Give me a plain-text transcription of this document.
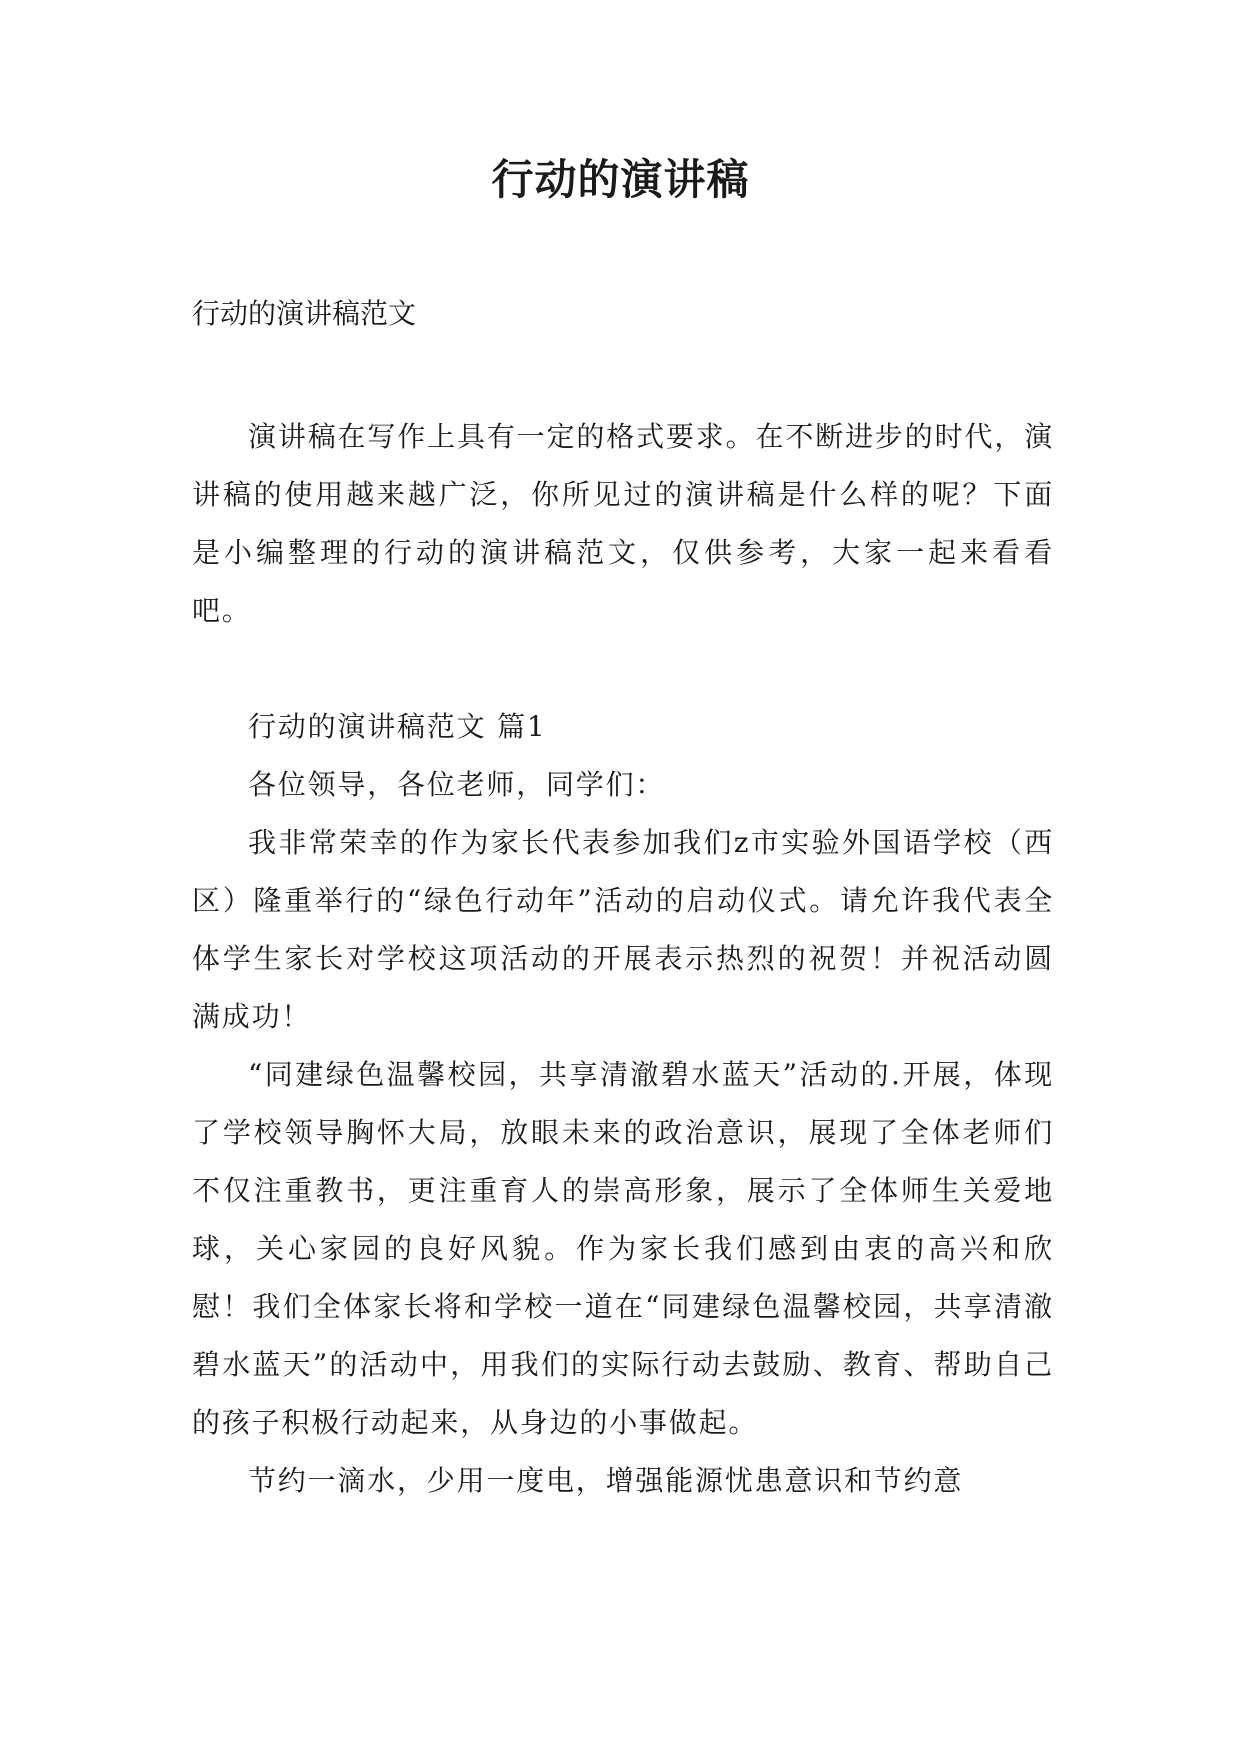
行动的演讲稿

行动的演讲稿范文

演讲稿在写作上具有一定的格式要求。在不断进步的时代，演讲稿的使用越来越广泛，你所见过的演讲稿是什么样的呢？下面是小编整理的行动的演讲稿范文，仅供参考，大家一起来看看吧。

行动的演讲稿范文 篇1

各位领导，各位老师，同学们：

我非常荣幸的作为家长代表参加我们z市实验外国语学校（西区）隆重举行的“绿色行动年”活动的启动仪式。请允许我代表全体学生家长对学校这项活动的开展表示热烈的祝贺！并祝活动圆满成功！

“同建绿色温馨校园，共享清澈碧水蓝天”活动的.开展，体现了学校领导胸怀大局，放眼未来的政治意识，展现了全体老师们不仅注重教书，更注重育人的崇高形象，展示了全体师生关爱地球，关心家园的良好风貌。作为家长我们感到由衷的高兴和欣慰！我们全体家长将和学校一道在“同建绿色温馨校园，共享清澈碧水蓝天”的活动中，用我们的实际行动去鼓励、教育、帮助自己的孩子积极行动起来，从身边的小事做起。

节约一滴水，少用一度电，增强能源忧患意识和节约意
